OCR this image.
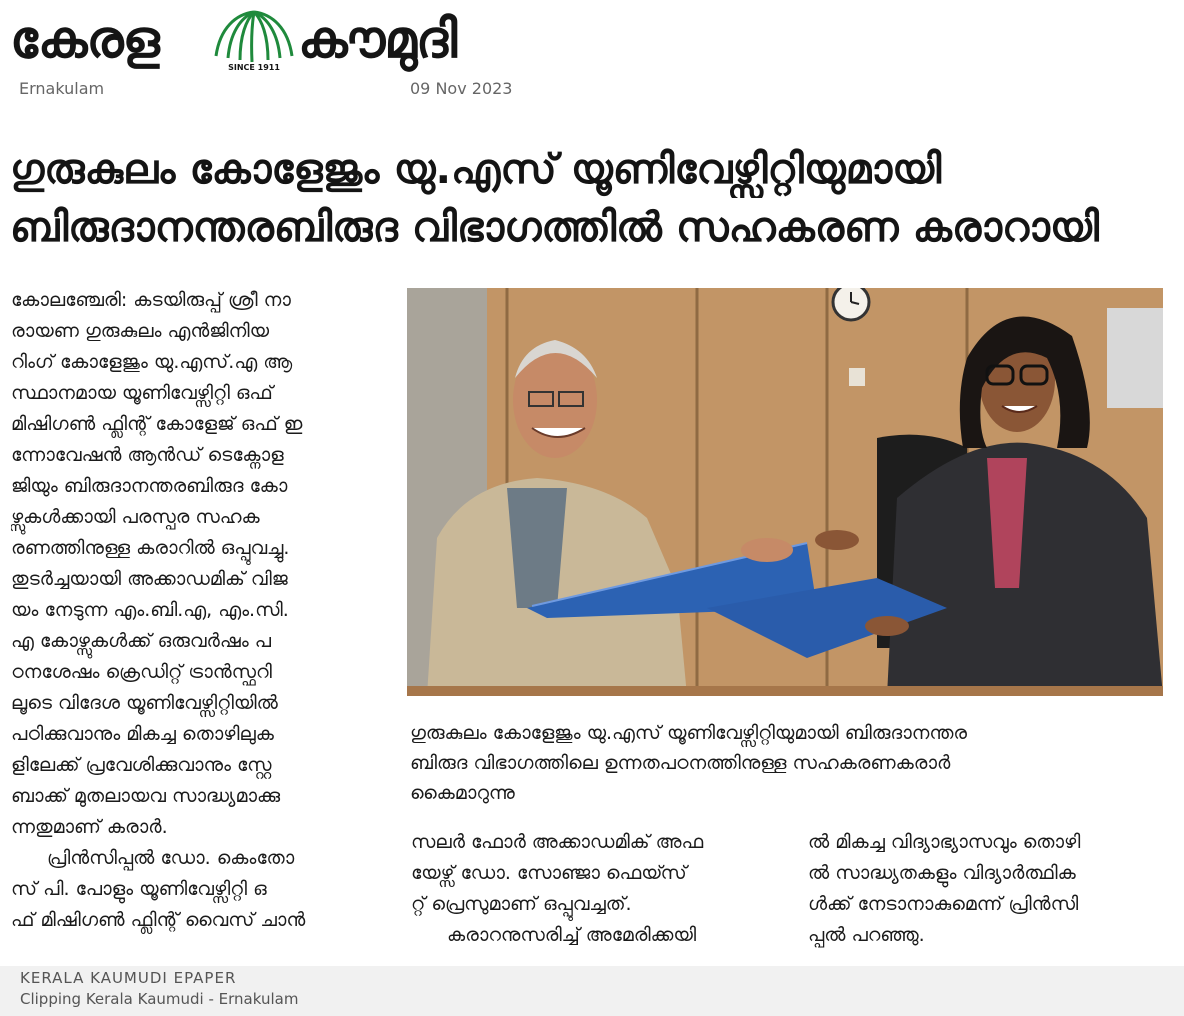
കേരള	SINCE 1911 കൗമുദി
Ernakulam	09 Nov 2023
ഗുരുകുലം കോളേജും യു.എസ് യൂണിവേഴ്സിറ്റിയുമായി
ബിരുദാനന്തരബിരുദ വിഭാഗത്തിൽ സഹകരണ കരാറായി
കോലഞ്ചേരി: കടയിരുപ്പ് ശ്രീ നാ
രായണ ഗുരുകുലം എൻജിനിയ
റിംഗ് കോളേജും യു.എസ്.എ ആ
സ്ഥാനമായ യൂണിവേഴ്സിറ്റി ഒഫ്
മിഷിഗൺ ഫ്ലിന്റ് കോളേജ് ഒഫ് ഇ
ന്നോവേഷൻ ആൻഡ് ടെക്നോള
ജിയും ബിരുദാനന്തരബിരുദ കോ
ഴ്സുകൾക്കായി പരസ്പര സഹക
രണത്തിനുള്ള കരാറിൽ ഒപ്പുവച്ചു.
തുടർച്ചയായി അക്കാഡമിക് വിജ
യം നേടുന്ന എം.ബി.എ, എം.സി.
എ കോഴ്സുകൾക്ക് ഒരുവർഷം പ
ഠനശേഷം ക്രെഡിറ്റ് ട്രാൻസ്ഫറി
ലൂടെ വിദേശ യൂണിവേഴ്സിറ്റിയിൽ
പഠിക്കുവാനും മികച്ച തൊഴിലുക
ളിലേക്ക് പ്രവേശിക്കുവാനും സ്റ്റേ
ബാക്ക് മുതലായവ സാദ്ധ്യമാക്കു
ന്നതുമാണ് കരാർ.
പ്രിൻസിപ്പൽ ഡോ. കെംതോ
സ് പി. പോളും യൂണിവേഴ്സിറ്റി ഒ
ഫ് മിഷിഗൺ ഫ്ലിന്റ് വൈസ് ചാൻ
ഗുരുകുലം കോളേജും യു.എസ് യൂണിവേഴ്സിറ്റിയുമായി ബിരുദാനന്തര
ബിരുദ വിഭാഗത്തിലെ ഉന്നതപഠനത്തിനുള്ള സഹകരണകരാർ
കൈമാറുന്നു
സലർ ഫോർ അക്കാഡമിക് അഫ
യേഴ്സ് ഡോ. സോഞ്ജാ ഫെയ്സ്
റ്റ് പ്രെസുമാണ് ഒപ്പുവച്ചത്.
കരാറനുസരിച്ച് അമേരിക്കയി
ൽ മികച്ച വിദ്യാഭ്യാസവും തൊഴി
ൽ സാദ്ധ്യതകളും വിദ്യാർത്ഥിക
ൾക്ക് നേടാനാകുമെന്ന് പ്രിൻസി
പ്പൽ പറഞ്ഞു.
KERALA KAUMUDI EPAPER
Clipping Kerala Kaumudi - Ernakulam
